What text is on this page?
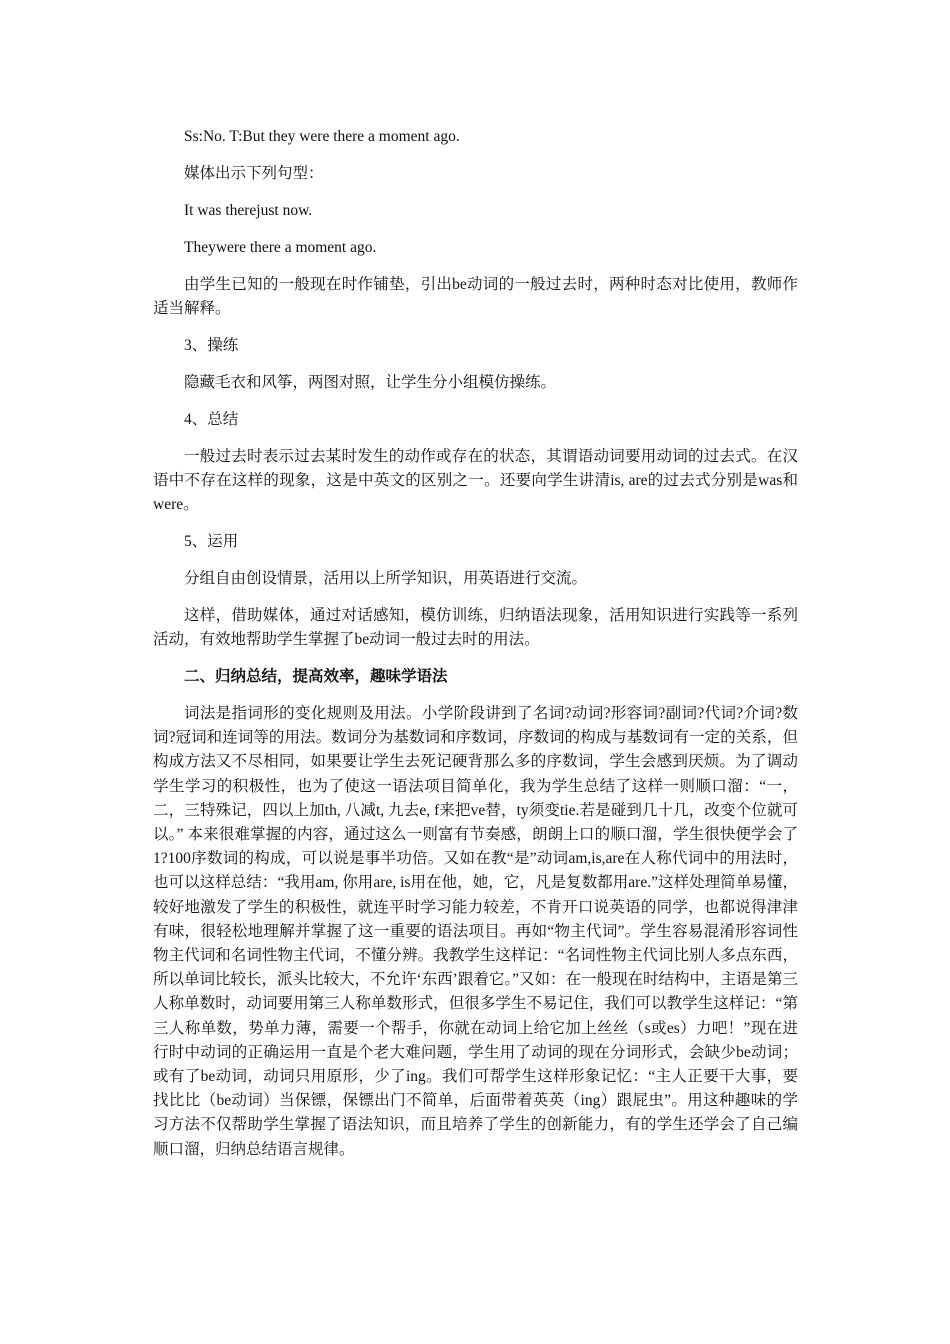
Ss:No. T:But they were there a moment ago.

媒体出示下列句型：

It was therejust now.

Theywere there a moment ago.

由学生已知的一般现在时作铺垫，引出be动词的一般过去时，两种时态对比使用，教师作适当解释。

3、操练

隐藏毛衣和风筝，两图对照，让学生分小组模仿操练。

4、总结

一般过去时表示过去某时发生的动作或存在的状态，其谓语动词要用动词的过去式。在汉语中不存在这样的现象，这是中英文的区别之一。还要向学生讲清is, are的过去式分别是was和were。

5、运用

分组自由创设情景，活用以上所学知识，用英语进行交流。

这样，借助媒体，通过对话感知，模仿训练，归纳语法现象，活用知识进行实践等一系列活动，有效地帮助学生掌握了be动词一般过去时的用法。

二、归纳总结，提高效率，趣味学语法

词法是指词形的变化规则及用法。小学阶段讲到了名词?动词?形容词?副词?代词?介词?数词?冠词和连词等的用法。数词分为基数词和序数词，序数词的构成与基数词有一定的关系，但构成方法又不尽相同，如果要让学生去死记硬背那么多的序数词，学生会感到厌烦。为了调动学生学习的积极性，也为了使这一语法项目简单化，我为学生总结了这样一则顺口溜：“一，二，三特殊记，四以上加th, 八减t, 九去e, f来把ve替，ty须变tie.若是碰到几十几，改变个位就可以。” 本来很难掌握的内容，通过这么一则富有节奏感，朗朗上口的顺口溜，学生很快便学会了1?100序数词的构成，可以说是事半功倍。又如在教“是”动词am,is,are在人称代词中的用法时，也可以这样总结：“我用am, 你用are, is用在他，她，它，凡是复数都用are.”这样处理简单易懂，较好地激发了学生的积极性，就连平时学习能力较差，不肯开口说英语的同学，也都说得津津有味，很轻松地理解并掌握了这一重要的语法项目。再如“物主代词”。学生容易混淆形容词性物主代词和名词性物主代词，不懂分辨。我教学生这样记：“名词性物主代词比别人多点东西，所以单词比较长，派头比较大，不允许‘东西’跟着它。”又如：在一般现在时结构中，主语是第三人称单数时，动词要用第三人称单数形式，但很多学生不易记住，我们可以教学生这样记：“第三人称单数，势单力薄，需要一个帮手，你就在动词上给它加上丝丝（s或es）力吧！”现在进行时中动词的正确运用一直是个老大难问题，学生用了动词的现在分词形式，会缺少be动词；或有了be动词，动词只用原形，少了ing。我们可帮学生这样形象记忆：“主人正要干大事，要找比比（be动词）当保镖，保镖出门不简单，后面带着英英（ing）跟屁虫”。用这种趣味的学习方法不仅帮助学生掌握了语法知识，而且培养了学生的创新能力，有的学生还学会了自己编顺口溜，归纳总结语言规律。
